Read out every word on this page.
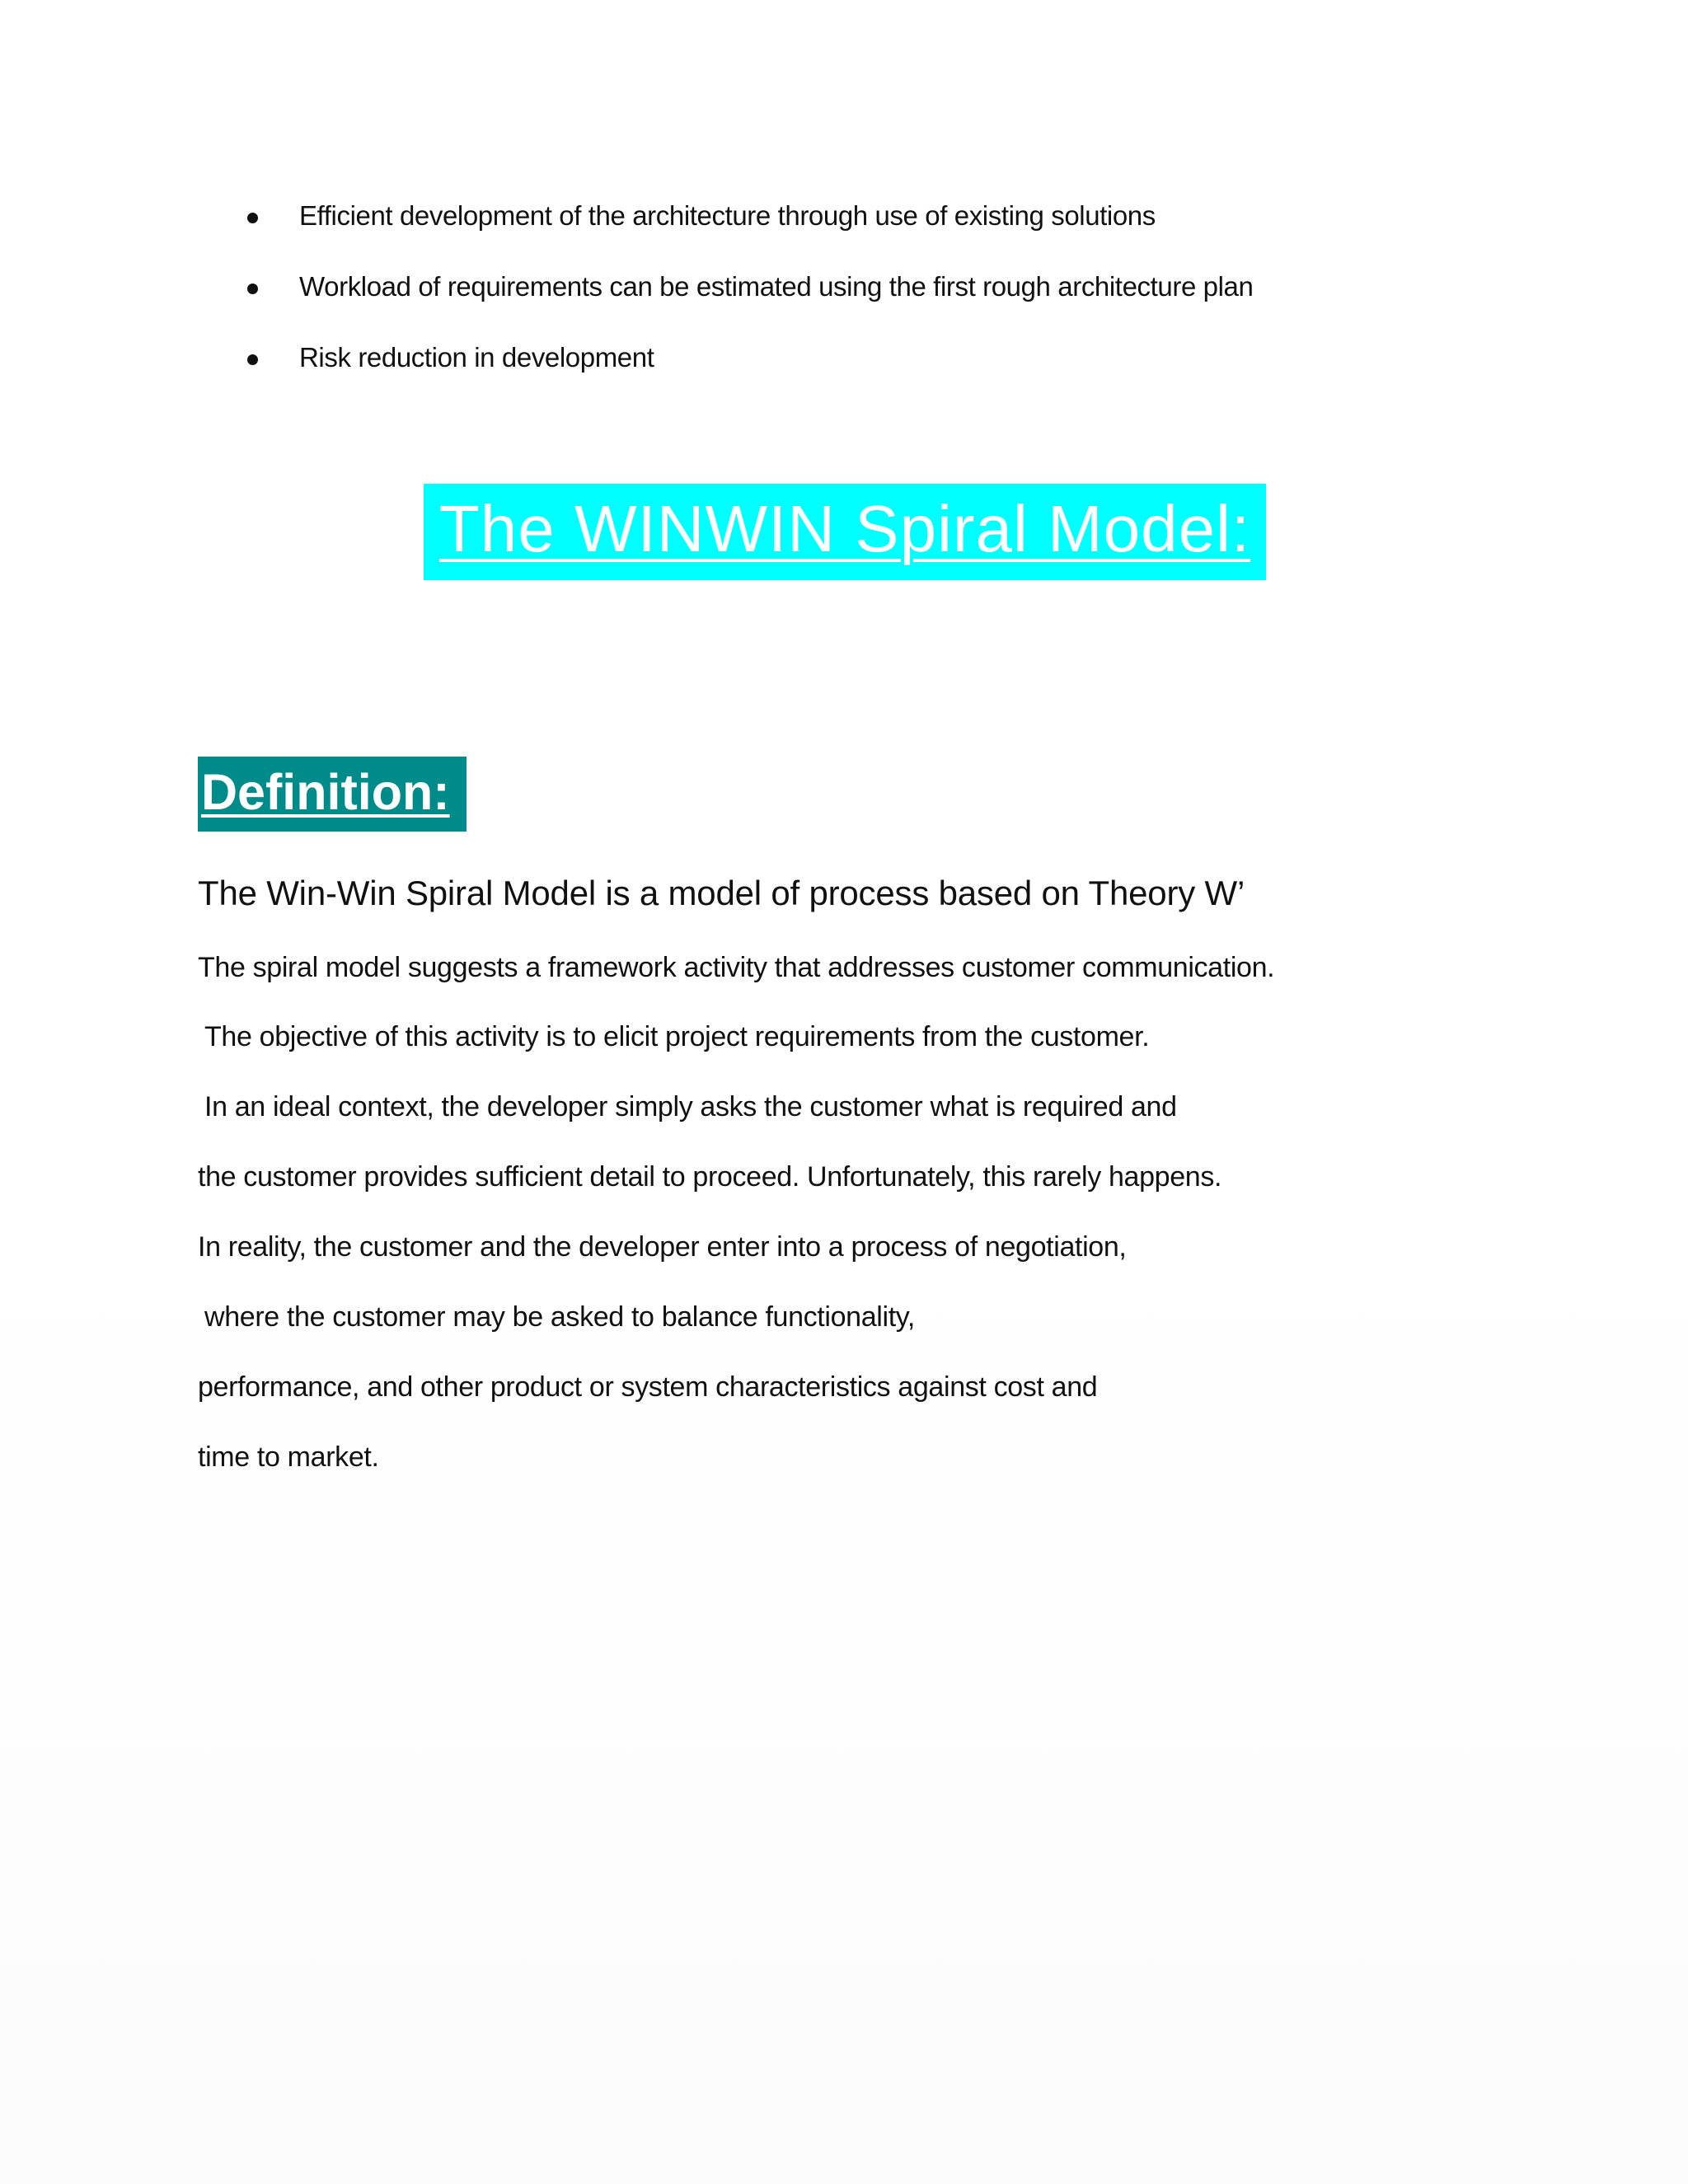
Efficient development of the architecture through use of existing solutions
Workload of requirements can be estimated using the first rough architecture plan
Risk reduction in development
The WINWIN Spiral Model:
Definition:
The Win-Win Spiral Model is a model of process based on Theory W’
The spiral model suggests a framework activity that addresses customer communication.
The objective of this activity is to elicit project requirements from the customer.
In an ideal context, the developer simply asks the customer what is required and
the customer provides sufficient detail to proceed. Unfortunately, this rarely happens.
In reality, the customer and the developer enter into a process of negotiation,
where the customer may be asked to balance functionality,
performance, and other product or system characteristics against cost and
time to market.
